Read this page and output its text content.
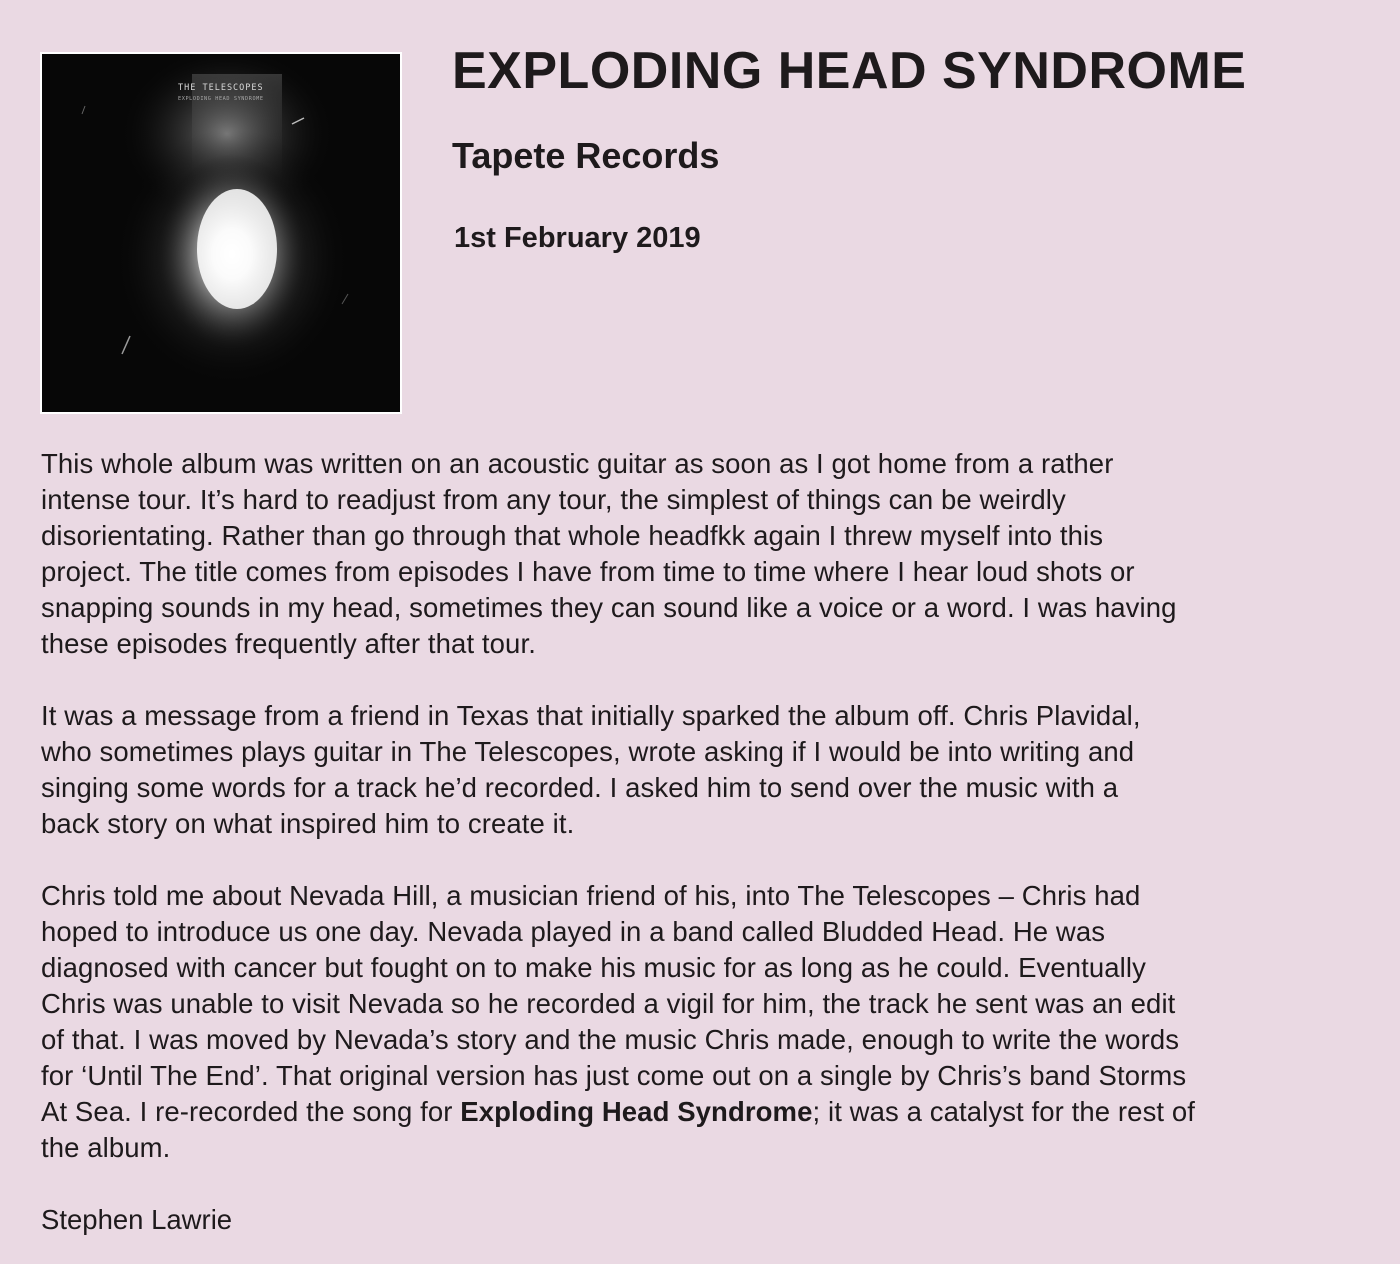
THE TELESCOPES
EXPLODING HEAD SYNDROME	EXPLODING HEAD SYNDROME
Tapete Records
1st February 2019

This whole album was written on an acoustic guitar as soon as I got home from a rather
intense tour. It’s hard to readjust from any tour, the simplest of things can be weirdly
disorientating. Rather than go through that whole headfkk again I threw myself into this
project. The title comes from episodes I have from time to time where I hear loud shots or
snapping sounds in my head, sometimes they can sound like a voice or a word. I was having
these episodes frequently after that tour.

It was a message from a friend in Texas that initially sparked the album off. Chris Plavidal,
who sometimes plays guitar in The Telescopes, wrote asking if I would be into writing and
singing some words for a track he’d recorded. I asked him to send over the music with a
back story on what inspired him to create it.

Chris told me about Nevada Hill, a musician friend of his, into The Telescopes – Chris had
hoped to introduce us one day. Nevada played in a band called Bludded Head. He was
diagnosed with cancer but fought on to make his music for as long as he could. Eventually
Chris was unable to visit Nevada so he recorded a vigil for him, the track he sent was an edit
of that. I was moved by Nevada’s story and the music Chris made, enough to write the words
for ‘Until The End’. That original version has just come out on a single by Chris’s band Storms
At Sea. I re-recorded the song for Exploding Head Syndrome; it was a catalyst for the rest of
the album.

Stephen Lawrie
